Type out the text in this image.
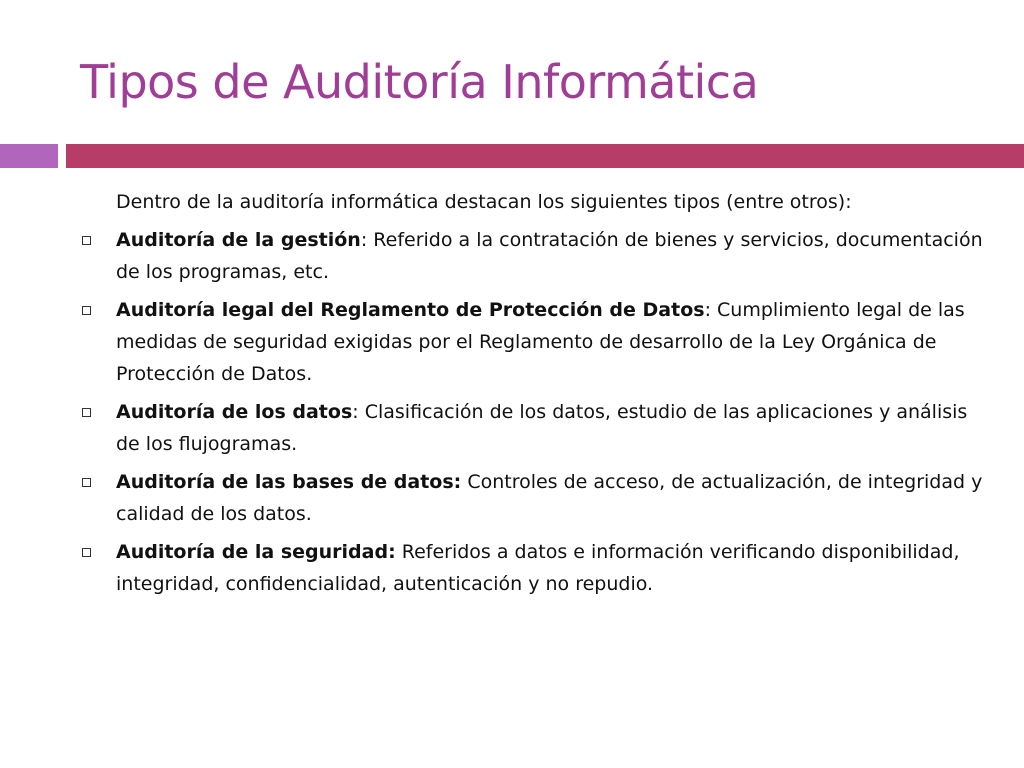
Tipos de Auditoría Informática

Dentro de la auditoría informática destacan los siguientes tipos (entre otros):

Auditoría de la gestión: Referido a la contratación de bienes y servicios, documentación de los programas, etc.
Auditoría legal del Reglamento de Protección de Datos: Cumplimiento legal de las medidas de seguridad exigidas por el Reglamento de desarrollo de la Ley Orgánica de Protección de Datos.
Auditoría de los datos: Clasificación de los datos, estudio de las aplicaciones y análisis de los flujogramas.
Auditoría de las bases de datos: Controles de acceso, de actualización, de integridad y calidad de los datos.
Auditoría de la seguridad: Referidos a datos e información verificando disponibilidad, integridad, confidencialidad, autenticación y no repudio.
